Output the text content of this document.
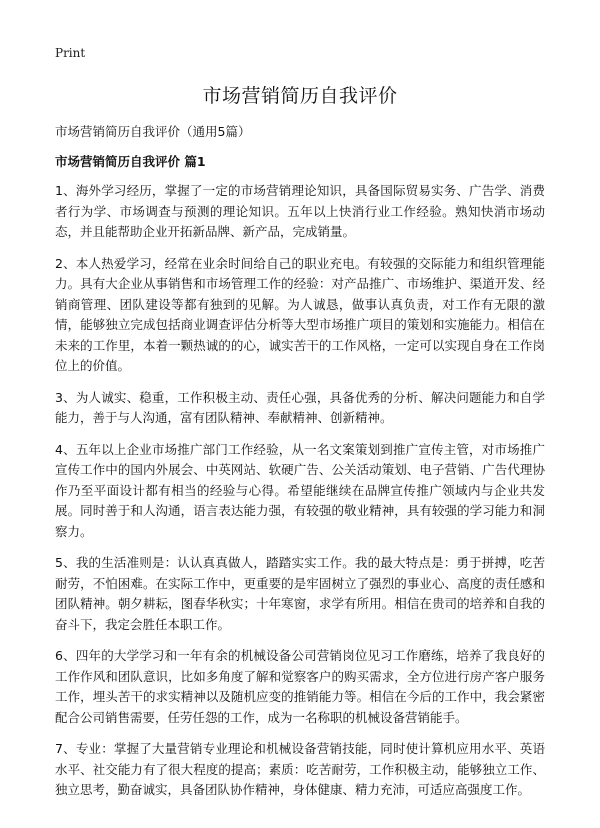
Print
市场营销简历自我评价
市场营销简历自我评价（通用5篇）
市场营销简历自我评价 篇1

1、海外学习经历，掌握了一定的市场营销理论知识，具备国际贸易实务、广告学、消费者行为学、市场调查与预测的理论知识。五年以上快消行业工作经验。熟知快消市场动态，并且能帮助企业开拓新品牌、新产品，完成销量。

2、本人热爱学习，经常在业余时间给自己的职业充电。有较强的交际能力和组织管理能力。具有大企业从事销售和市场管理工作的经验：对产品推广、市场维护、渠道开发、经销商管理、团队建设等都有独到的见解。为人诚恳，做事认真负责，对工作有无限的激情，能够独立完成包括商业调查评估分析等大型市场推广项目的策划和实施能力。相信在未来的工作里，本着一颗热诚的的心，诚实苦干的工作风格，一定可以实现自身在工作岗位上的价值。

3、为人诚实、稳重，工作积极主动、责任心强，具备优秀的分析、解决问题能力和自学能力，善于与人沟通，富有团队精神、奉献精神、创新精神。

4、五年以上企业市场推广部门工作经验，从一名文案策划到推广宣传主管，对市场推广宣传工作中的国内外展会、中英网站、软硬广告、公关活动策划、电子营销、广告代理协作乃至平面设计都有相当的经验与心得。希望能继续在品牌宣传推广领域内与企业共发展。同时善于和人沟通，语言表达能力强，有较强的敬业精神，具有较强的学习能力和洞察力。

5、我的生活准则是：认认真真做人，踏踏实实工作。我的最大特点是：勇于拼搏，吃苦耐劳，不怕困难。在实际工作中，更重要的是牢固树立了强烈的事业心、高度的责任感和团队精神。朝夕耕耘，图春华秋实；十年寒窗，求学有所用。相信在贵司的培养和自我的奋斗下，我定会胜任本职工作。

6、四年的大学学习和一年有余的机械设备公司营销岗位见习工作磨练，培养了我良好的工作作风和团队意识，比如多角度了解和觉察客户的购买需求，全方位进行房产客户服务工作，埋头苦干的求实精神以及随机应变的推销能力等。相信在今后的工作中，我会紧密配合公司销售需要，任劳任怨的工作，成为一名称职的机械设备营销能手。

7、专业：掌握了大量营销专业理论和机械设备营销技能，同时使计算机应用水平、英语水平、社交能力有了很大程度的提高；素质：吃苦耐劳，工作积极主动，能够独立工作、独立思考，勤奋诚实，具备团队协作精神，身体健康、精力充沛，可适应高强度工作。
